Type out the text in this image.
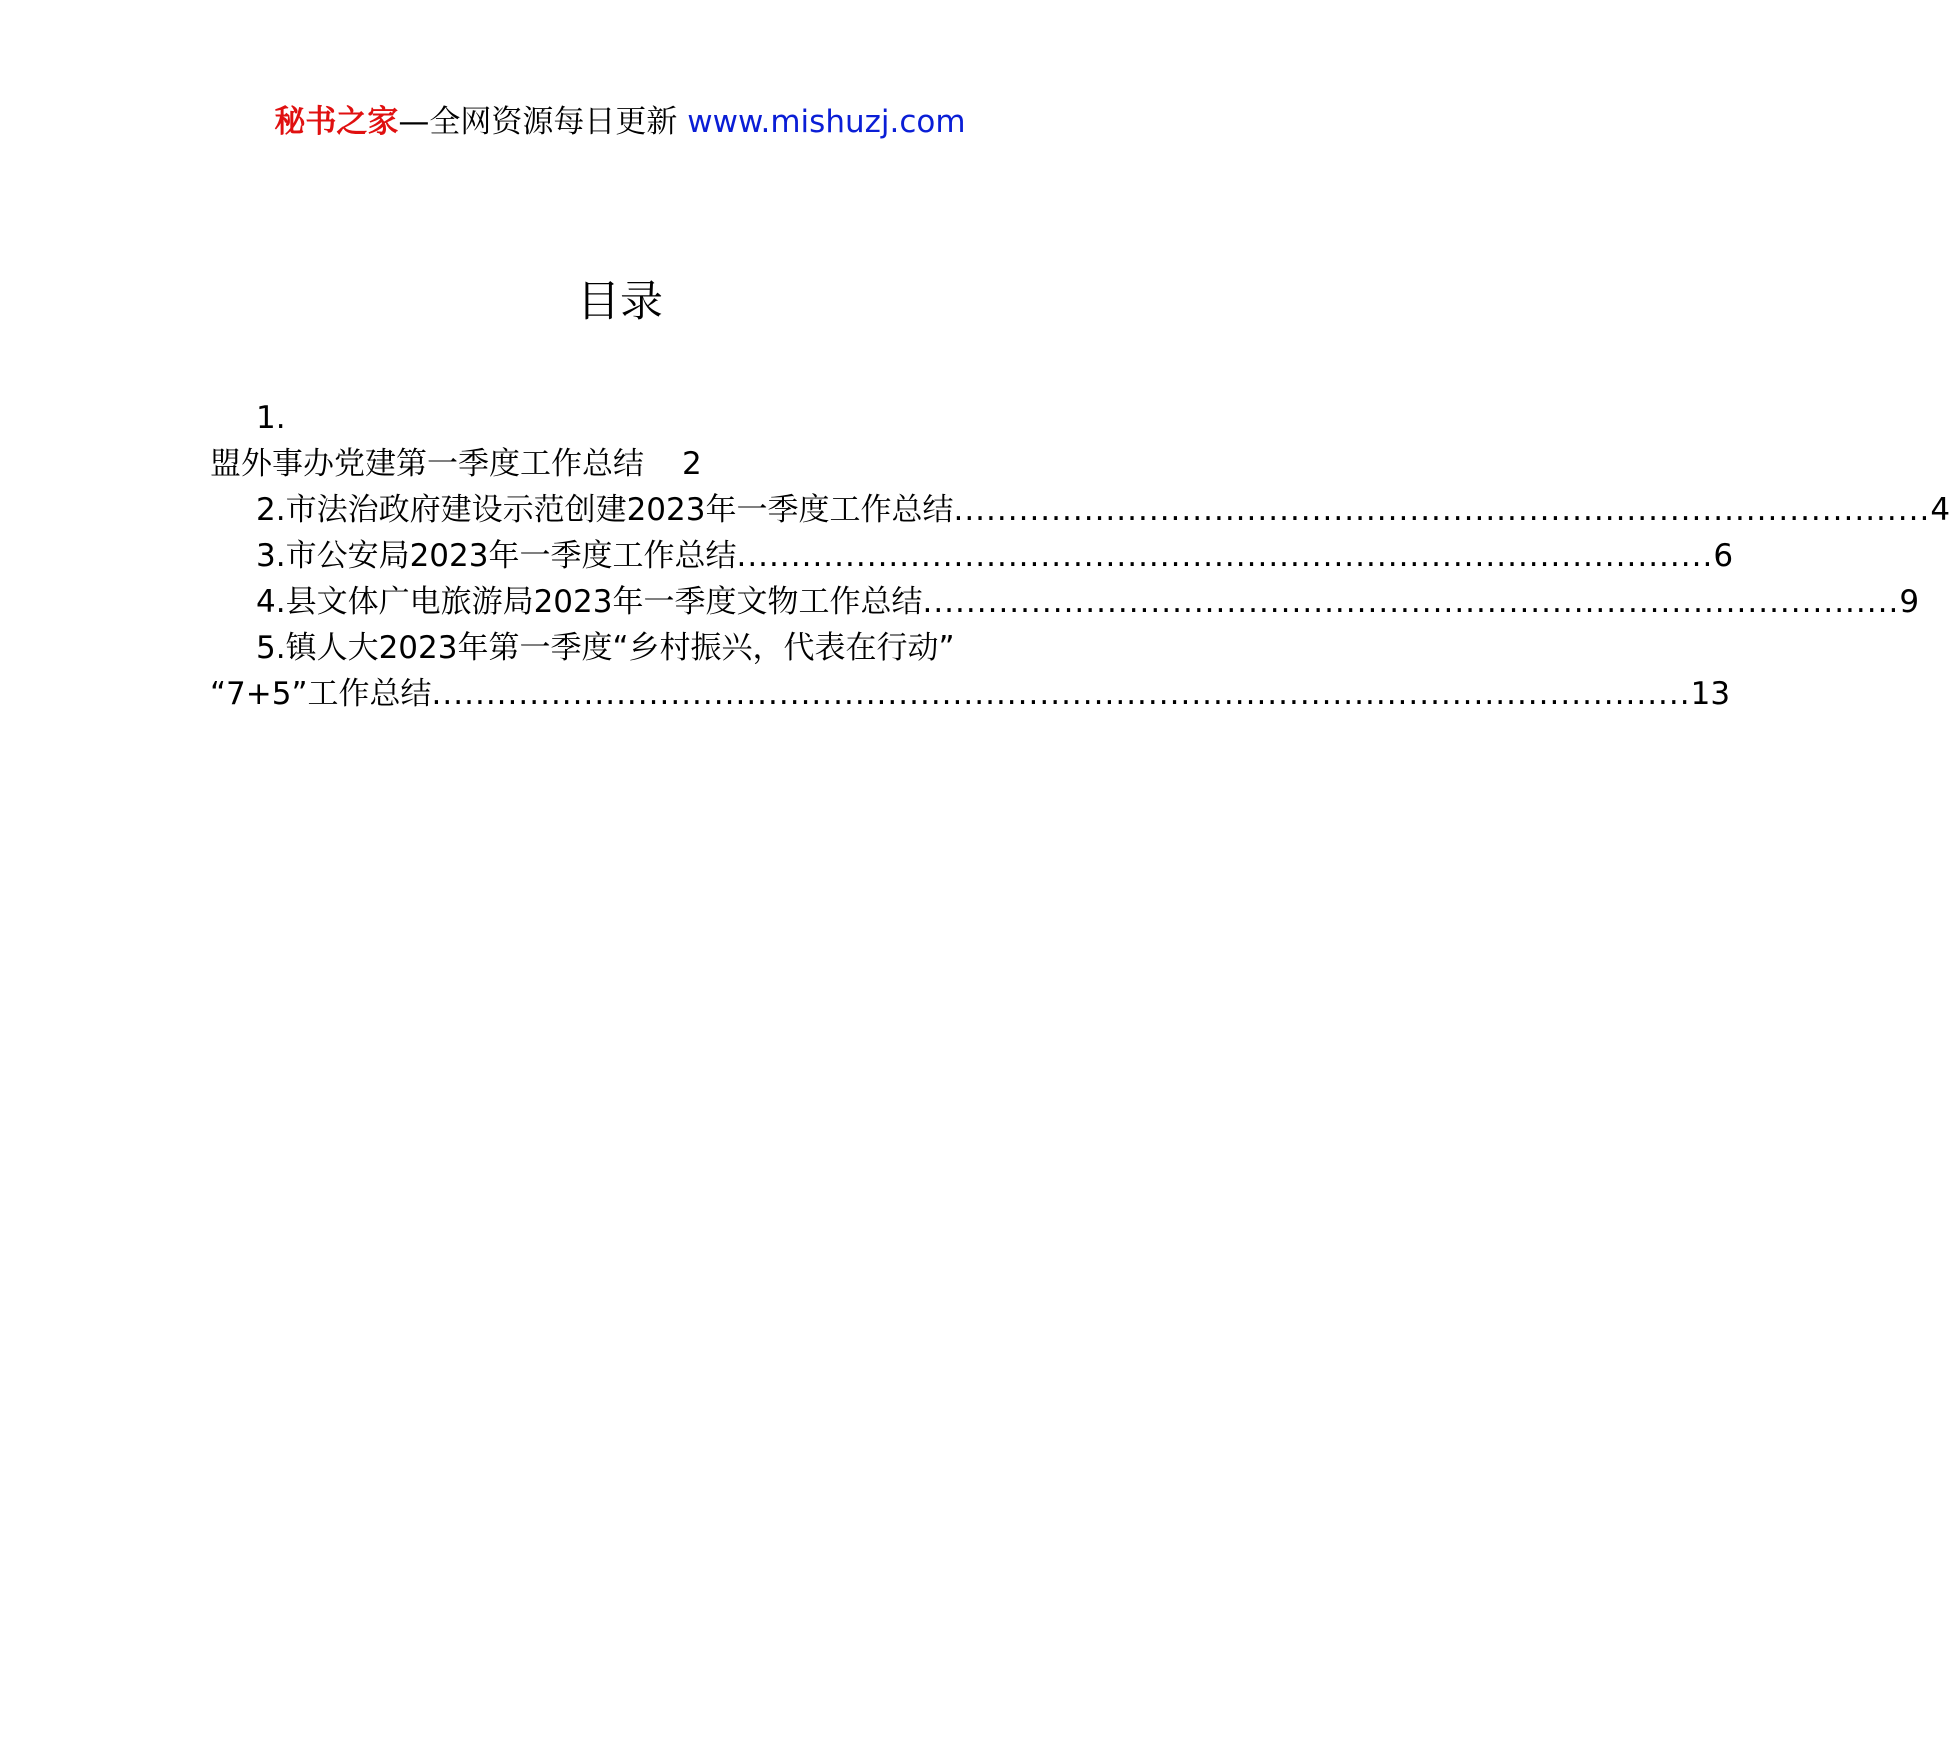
秘书之家—全网资源每日更新 www.mishuzj.com
目录
1.
盟外事办党建第一季度工作总结 2
2.市法治政府建设示范创建2023年一季度工作总结 .......................................................................................... 4
3.市公安局2023年一季度工作总结 .......................................................................................... 6
4.县文体广电旅游局2023年一季度文物工作总结 .......................................................................................... 9
5.镇人大2023年第一季度“乡村振兴，代表在行动”
“7+5”工作总结 .................................................................................................................... 13
